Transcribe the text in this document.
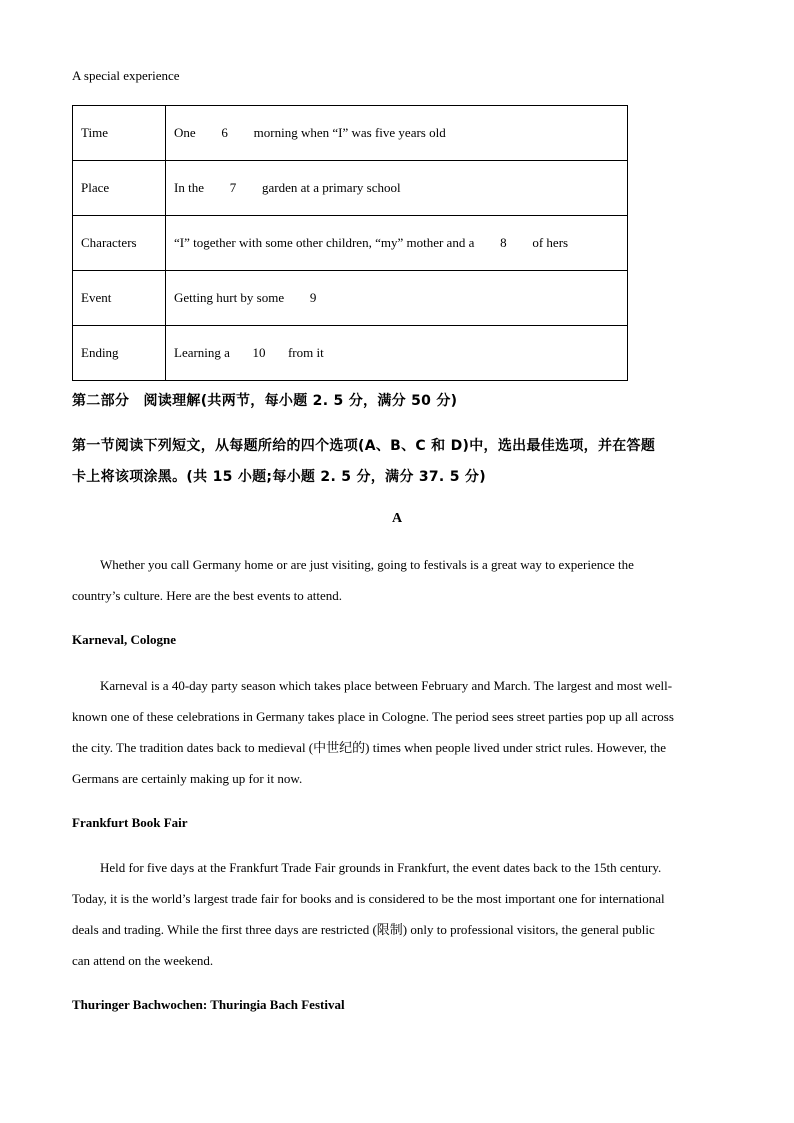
A special experience
Time	One 6 morning when “I” was five years old
Place	In the 7 garden at a primary school
Characters	“I” together with some other children, “my” mother and a 8 of hers
Event	Getting hurt by some 9
Ending	Learning a 10 from it
第二部分　阅读理解(共两节，每小题 2. 5 分，满分 50 分)
第一节阅读下列短文，从每题所给的四个选项(A、B、C 和 D)中，选出最佳选项，并在答题
卡上将该项涂黑。(共 15 小题;每小题 2. 5 分，满分 37. 5 分)
A
Whether you call Germany home or are just visiting, going to festivals is a great way to experience the
country’s culture. Here are the best events to attend.
Karneval, Cologne
Karneval is a 40-day party season which takes place between February and March. The largest and most well-
known one of these celebrations in Germany takes place in Cologne. The period sees street parties pop up all across
the city. The tradition dates back to medieval (中世纪的) times when people lived under strict rules. However, the
Germans are certainly making up for it now.
Frankfurt Book Fair
Held for five days at the Frankfurt Trade Fair grounds in Frankfurt, the event dates back to the 15th century.
Today, it is the world’s largest trade fair for books and is considered to be the most important one for international
deals and trading. While the first three days are restricted (限制) only to professional visitors, the general public
can attend on the weekend.
Thuringer Bachwochen: Thuringia Bach Festival
